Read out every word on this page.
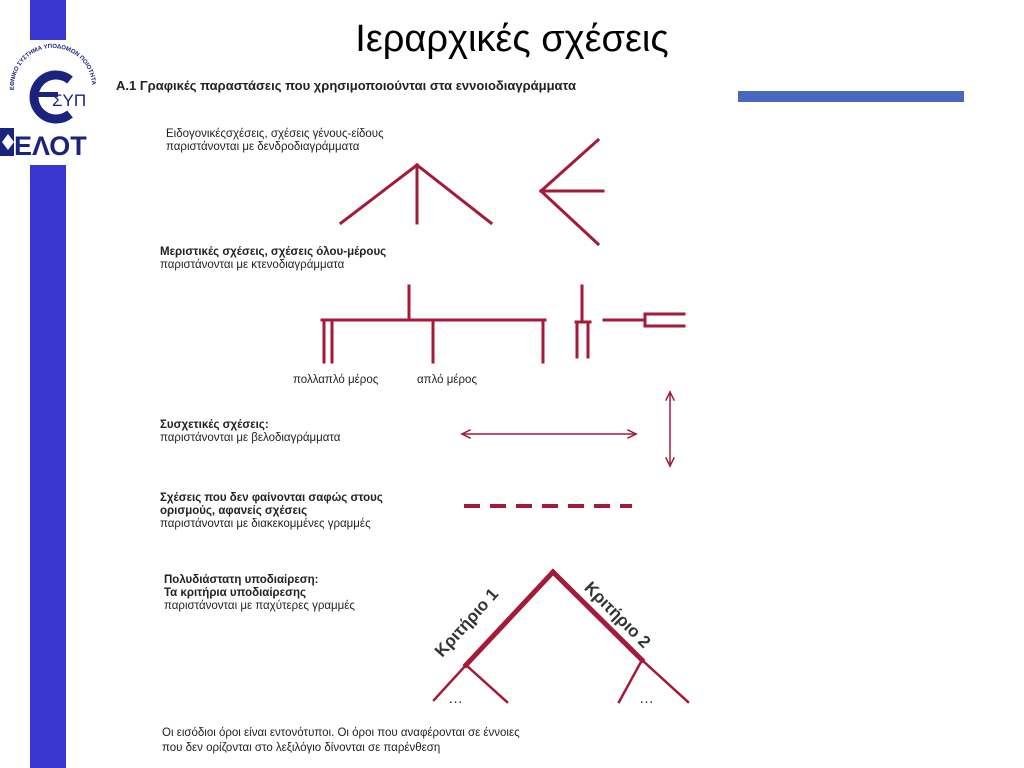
ΕΘΝΙΚΟ ΣΥΣΤΗΜΑ ΥΠΟΔΟΜΩΝ ΠΟΙΟΤΗΤΑ
ΣΥΠ
ΕΛΟΤ
Ιεραρχικές σχέσεις
Α.1 Γραφικές παραστάσεις που χρησιμοποιούνται στα εννοιοδιαγράμματα
Ειδογονικέςσχέσεις, σχέσεις γένους-είδους
παριστάνονται με δενδροδιαγράμματα
Μεριστικές σχέσεις, σχέσεις όλου-μέρους
παριστάνονται με κτενοδιαγράμματα
πολλαπλό μέρος	απλό μέρος
Συσχετικές σχέσεις:
παριστάνονται με βελοδιαγράμματα
Σχέσεις που δεν φαίνονται σαφώς στους
ορισμούς, αφανείς σχέσεις
παριστάνονται με διακεκομμένες γραμμές
Πολυδιάστατη υποδιαίρεση:
Τα κριτήρια υποδιαίρεσης
παριστάνονται με παχύτερες γραμμές	Κριτήριο 1	Κριτήριο 2
…	…
Οι εισόδιοι όροι είναι εντονότυποι. Οι όροι που αναφέρονται σε έννοιες
που δεν ορίζονται στο λεξιλόγιο δίνονται σε παρένθεση
